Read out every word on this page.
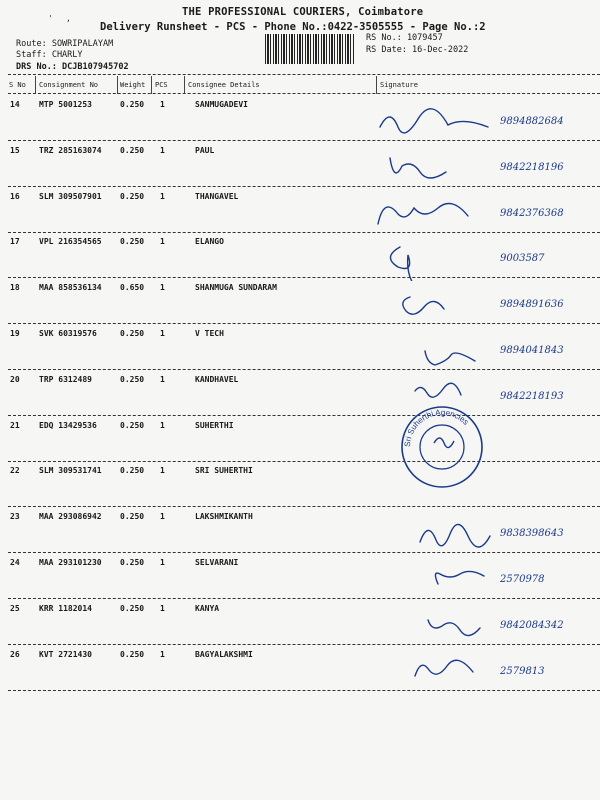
' ,
THE PROFESSIONAL COURIERS, Coimbatore
Delivery Runsheet - PCS - Phone No.:0422-3505555 - Page No.:2
Route: SOWRIPALAYAM
Staff: CHARLY
DRS No.: DCJB107945702
RS No.: 1079457
RS Date: 16-Dec-2022
S No Consignment No	Weight PCS	Consignee Details	Signature
14 MTP 5001253	0.250 1	SANMUGADEVI
15 TRZ 285163074 0.250 1	PAUL
16 SLM 309507901 0.250 1	THANGAVEL
17 VPL 216354565 0.250 1	ELANGO
18 MAA 858536134 0.650 1	SHANMUGA SUNDARAM
19 SVK 60319576	0.250 1	V TECH
20 TRP 6312489	0.250 1	KANDHAVEL
21 EDQ 13429536	0.250 1	SUHERTHI
22 SLM 309531741 0.250 1	SRI SUHERTHI
23 MAA 293086942 0.250 1	LAKSHMIKANTH
24 MAA 293101230 0.250 1	SELVARANI
25 KRR 1182014	0.250 1	KANYA
26 KVT 2721430	0.250 1	BAGYALAKSHMI
Sri Suherthi Agencies
9894882684
9842218196
9842376368
9003587
9894891636
9894041843
9842218193
9838398643
2570978
9842084342
2579813
